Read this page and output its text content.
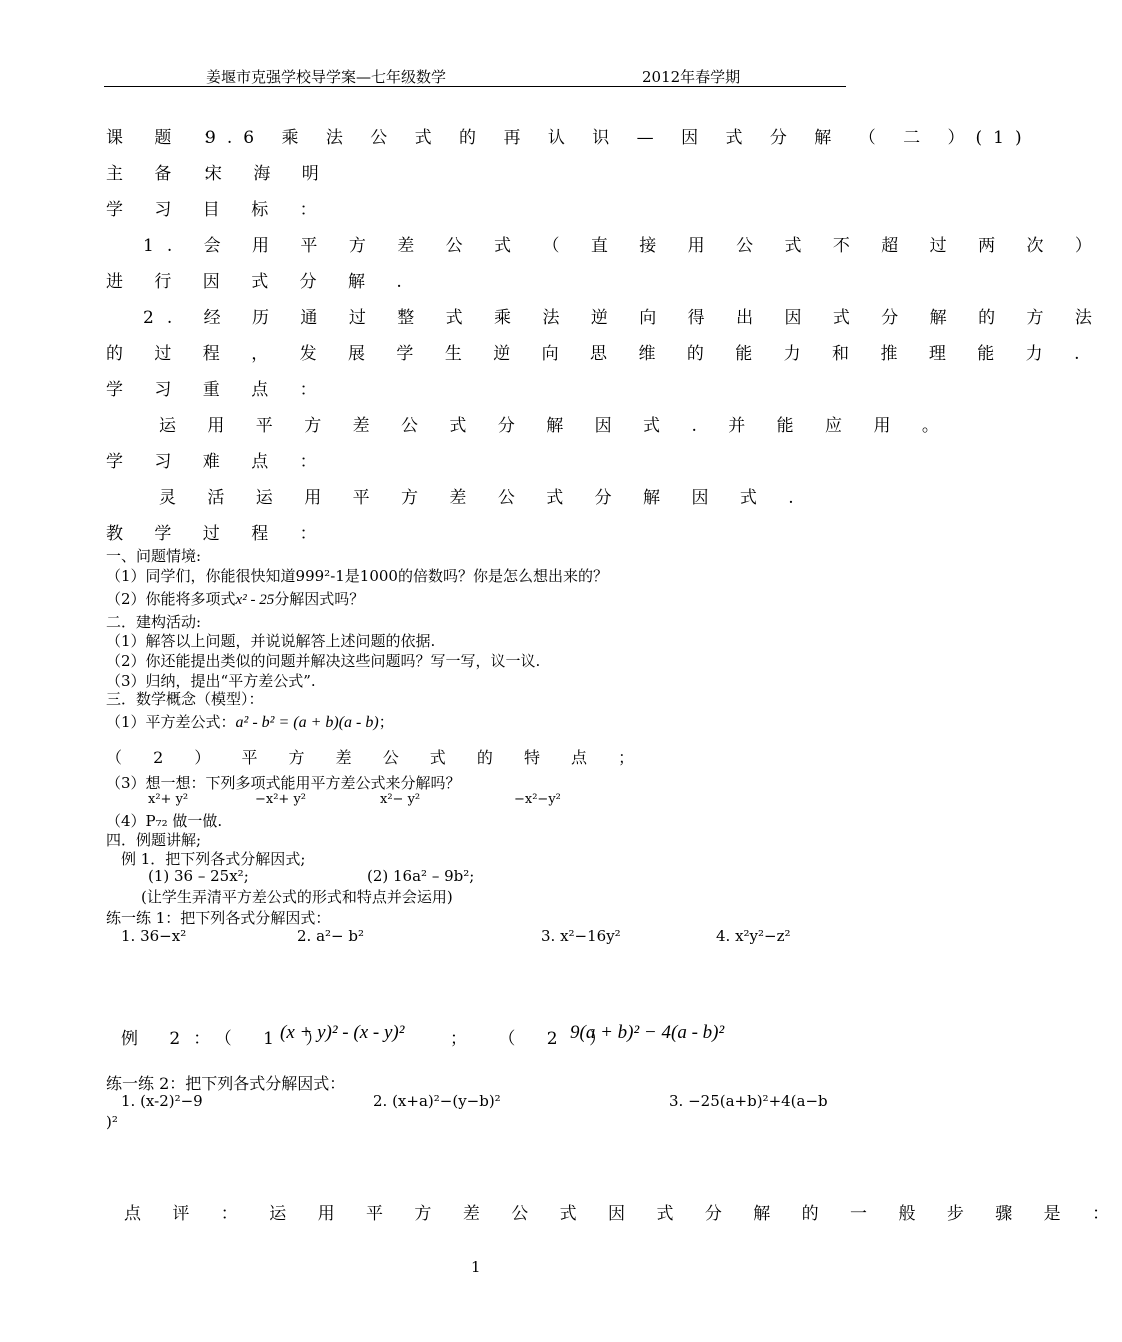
姜堰市克强学校导学案—七年级数学	2012年春学期
课 题 ：
9.6 乘 法 公 式 的 再 认 识 — 因 式 分 解 （ 二 ）(1)
主 备 ：
宋 海 明
学 习 目 标 ：
1. 会 用 平 方 差 公 式 （ 直 接 用 公 式 不 超 过 两 次 ）
进 行 因 式 分 解 .
2. 经 历 通 过 整 式 乘 法 逆 向 得 出 因 式 分 解 的 方 法
的 过 程 ， 发 展 学 生 逆 向 思 维 的 能 力 和 推 理 能 力 .
学 习 重 点 ：
运 用 平 方 差 公 式 分 解 因 式 . 并 能 应 用 。
学 习 难 点 ：
灵 活 运 用 平 方 差 公 式 分 解 因 式 .
教 学 过 程 ：
一、问题情境:
（1）同学们，你能很快知道999²-1是1000的倍数吗？你是怎么想出来的？
（2）你能将多项式x² - 25分解因式吗？
二．建构活动:
（1）解答以上问题，并说说解答上述问题的依据.
（2）你还能提出类似的问题并解决这些问题吗？写一写，议一议.
（3）归纳，提出“平方差公式”.
三．数学概念（模型）：
（1）平方差公式：a² - b² = (a + b)(a - b)；
（ 2 ） 平 方 差 公 式 的 特 点 ；
（3）想一想：下列多项式能用平方差公式来分解吗？
x²+ y²	−x²+ y²	x²− y²	−x²−y²
（4）P₇₂ 做一做.
四．例题讲解;
例 1．把下列各式分解因式;
(1) 36 – 25x²;	(2) 16a² – 9b²;
(让学生弄清平方差公式的形式和特点并会运用)
练一练 1：把下列各式分解因式：
1. 36−x²	2. a²− b²	3. x²−16y²	4. x²y²−z²
例 2：（ 1 ）
(x + y)² - (x - y)²	； （ 2 ）
9(a + b)² − 4(a - b)²
练一练 2：把下列各式分解因式：
1. (x-2)²−9	2. (x+a)²−(y−b)²	3. −25(a+b)²+4(a−b
)²
点 评 ： 运 用 平 方 差 公 式 因 式 分 解 的 一 般 步 骤 是 ：
1
